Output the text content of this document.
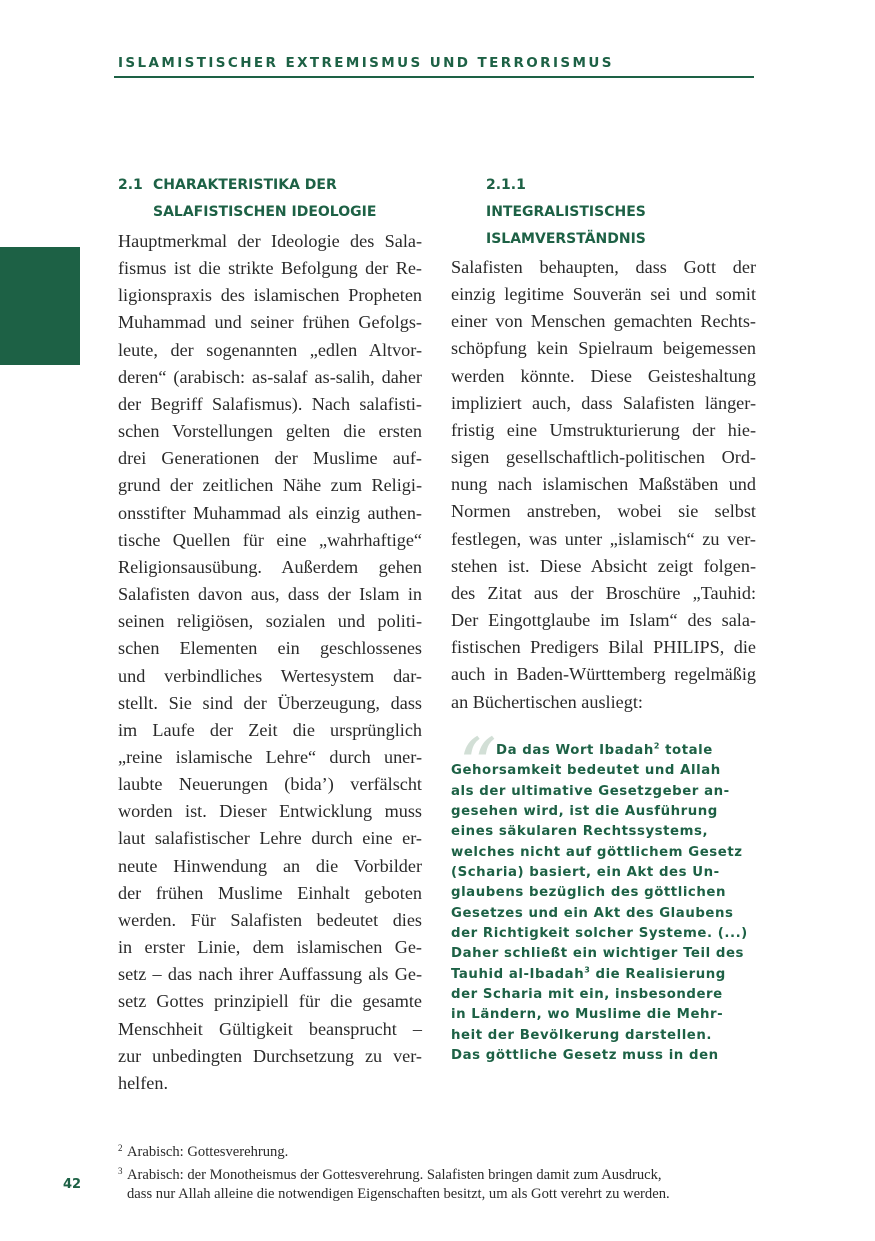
ISLAMISTISCHER EXTREMISMUS UND TERRORISMUS
2.1 CHARAKTERISTIKA DER
SALAFISTISCHEN IDEOLOGIE
Hauptmerkmal der Ideologie des Sala-
fismus ist die strikte Befolgung der Re-
ligionspraxis des islamischen Propheten
Muhammad und seiner frühen Gefolgs-
leute, der sogenannten „edlen Altvor-
deren“ (arabisch: as-salaf as-salih, daher
der Begriff Salafismus). Nach salafisti-
schen Vorstellungen gelten die ersten
drei Generationen der Muslime auf-
grund der zeitlichen Nähe zum Religi-
onsstifter Muhammad als einzig authen-
tische Quellen für eine „wahrhaftige“
Religionsausübung. Außerdem gehen
Salafisten davon aus, dass der Islam in
seinen religiösen, sozialen und politi-
schen Elementen ein geschlossenes
und verbindliches Wertesystem dar-
stellt. Sie sind der Überzeugung, dass
im Laufe der Zeit die ursprünglich
„reine islamische Lehre“ durch uner-
laubte Neuerungen (bida’) verfälscht
worden ist. Dieser Entwicklung muss
laut salafistischer Lehre durch eine er-
neute Hinwendung an die Vorbilder
der frühen Muslime Einhalt geboten
werden. Für Salafisten bedeutet dies
in erster Linie, dem islamischen Ge-
setz – das nach ihrer Auffassung als Ge-
setz Gottes prinzipiell für die gesamte
Menschheit Gültigkeit beansprucht –
zur unbedingten Durchsetzung zu ver-
helfen.
2.1.1
INTEGRALISTISCHES
ISLAMVERSTÄNDNIS
Salafisten behaupten, dass Gott der
einzig legitime Souverän sei und somit
einer von Menschen gemachten Rechts-
schöpfung kein Spielraum beigemessen
werden könnte. Diese Geisteshaltung
impliziert auch, dass Salafisten länger-
fristig eine Umstrukturierung der hie-
sigen gesellschaftlich-politischen Ord-
nung nach islamischen Maßstäben und
Normen anstreben, wobei sie selbst
festlegen, was unter „islamisch“ zu ver-
stehen ist. Diese Absicht zeigt folgen-
des Zitat aus der Broschüre „Tauhid:
Der Eingottglaube im Islam“ des sala-
fistischen Predigers Bilal PHILIPS, die
auch in Baden-Württemberg regelmäßig
an Büchertischen ausliegt:
“ Da das Wort Ibadah$^2$ totale
Gehorsamkeit bedeutet und Allah
als der ultimative Gesetzgeber an-
gesehen wird, ist die Ausführung
eines säkularen Rechtssystems,
welches nicht auf göttlichem Gesetz
(Scharia) basiert, ein Akt des Un-
glaubens bezüglich des göttlichen
Gesetzes und ein Akt des Glaubens
der Richtigkeit solcher Systeme. (...)
Daher schließt ein wichtiger Teil des
Tauhid al-Ibadah$^3$ die Realisierung
der Scharia mit ein, insbesondere
in Ländern, wo Muslime die Mehr-
heit der Bevölkerung darstellen.
Das göttliche Gesetz muss in den
2 Arabisch: Gottesverehrung.
3 Arabisch: der Monotheismus der Gottesverehrung. Salafisten bringen damit zum Ausdruck,
dass nur Allah alleine die notwendigen Eigenschaften besitzt, um als Gott verehrt zu werden.
42
